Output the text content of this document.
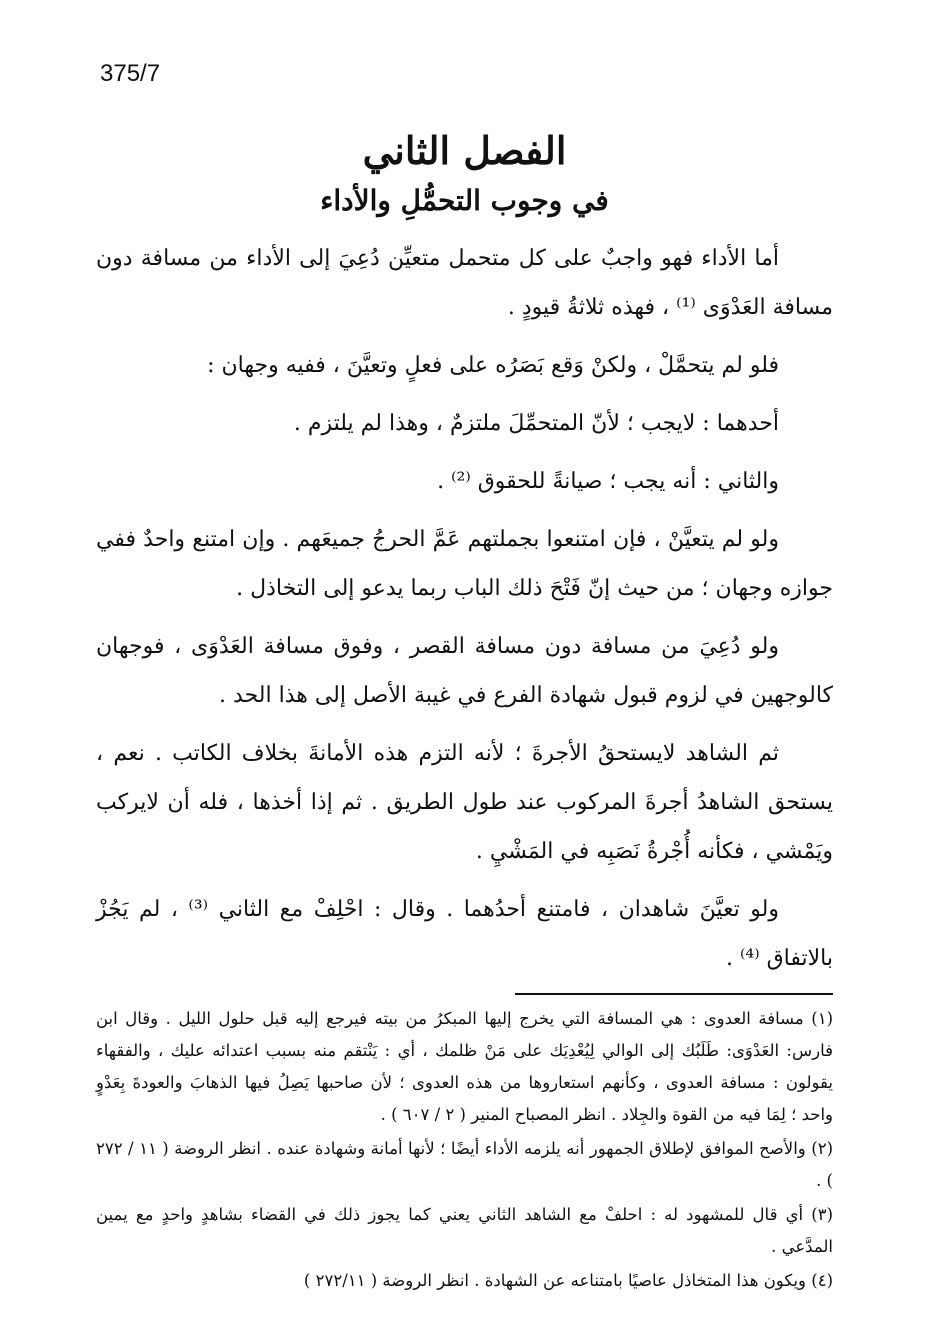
375/7
الفصل الثاني
في وجوب التحمُّلِ والأداء

أما الأداء فهو واجبٌ على كل متحمل متعيِّن دُعِيَ إلى الأداء من مسافة دون مسافة العَدْوَى ⁽¹⁾ ، فهذه ثلاثةُ قيودٍ .

فلو لم يتحمَّلْ ، ولكنْ وَقع بَصَرُه على فعلٍ وتعيَّنَ ، ففيه وجهان :

أحدهما : لايجب ؛ لأنّ المتحمِّلَ ملتزمٌ ، وهذا لم يلتزم .

والثاني : أنه يجب ؛ صيانةً للحقوق ⁽²⁾ .

ولو لم يتعيَّنْ ، فإن امتنعوا بجملتهم عَمَّ الحرجُ جميعَهم . وإن امتنع واحدٌ ففي جوازه وجهان ؛ من حيث إنّ فَتْحَ ذلك الباب ربما يدعو إلى التخاذل .

ولو دُعِيَ من مسافة دون مسافة القصر ، وفوق مسافة العَدْوَى ، فوجهان كالوجهين في لزوم قبول شهادة الفرع في غيبة الأصل إلى هذا الحد .

ثم الشاهد لايستحقُ الأجرةَ ؛ لأنه التزم هذه الأمانةَ بخلاف الكاتب . نعم ، يستحق الشاهدُ أجرةَ المركوب عند طول الطريق . ثم إذا أخذها ، فله أن لايركب ويَمْشي ، فكأنه أُجْرةُ نَصَبِه في المَشْيِ .

ولو تعيَّنَ شاهدان ، فامتنع أحدُهما . وقال : احْلِفْ مع الثاني ⁽³⁾ ، لم يَجُزْ بالاتفاق ⁽⁴⁾ .

(١) مسافة العدوى : هي المسافة التي يخرج إليها المبكرُ من بيته فيرجع إليه قبل حلول الليل . وقال ابن فارس: العَدْوَى: طَلَبُك إلى الوالي لِيُعْدِيَك على مَنْ ظلمك ، أي : يَنْتقم منه بسبب اعتدائه عليك ، والفقهاء يقولون : مسافة العدوى ، وكأنهم استعاروها من هذه العدوى ؛ لأن صاحبها يَصِلُ فيها الذهابَ والعودةَ بِعَدْوٍ واحد ؛ لِمَا فيه من القوة والجِلاد . انظر المصباح المنير ( ٢ / ٦٠٧ ) .

(٢) والأصح الموافق لإطلاق الجمهور أنه يلزمه الأداء أيضًا ؛ لأنها أمانة وشهادة عنده . انظر الروضة ( ١١ / ٢٧٢ ) .

(٣) أي قال للمشهود له : احلفْ مع الشاهد الثاني يعني كما يجوز ذلك في القضاء بشاهدٍ واحدٍ مع يمين المدَّعي .

(٤) ويكون هذا المتخاذل عاصيًا بامتناعه عن الشهادة . انظر الروضة ( ٢٧٢/١١ )
